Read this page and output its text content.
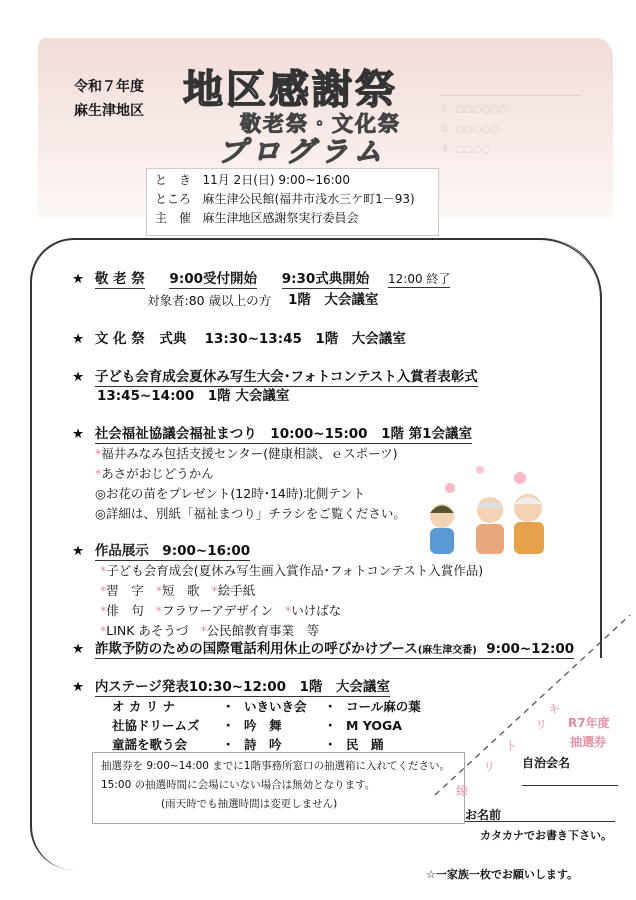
①  ○○○○○○
②  ○○○○○
③  ○○○○
令和７年度
麻生津地区 地区感謝祭
敬老祭・文化祭
プログラム
と　き 11月 2日(日) 9:00~16:00
ところ 麻生津公民館(福井市浅水三ケ町1－93)
主　催 麻生津地区感謝祭実行委員会
★ 敬 老 祭 9:00受付開始 9:30式典開始 12:00 終了
対象者:80 歳以上の方 1階　大会議室
★ 文 化 祭 式典　 13:30~13:45　1階　大会議室
★ 子ども会育成会夏休み写生大会･フォトコンテスト入賞者表彰式
13:45~14:00　1階 大会議室
★ 社会福祉協議会福祉まつり　10:00~15:00　1階 第1会議室
*福井みなみ包括支援センター(健康相談、ｅスポーツ)
*あさがおじどうかん
◎お花の苗をプレゼント(12時･14時)北側テント
◎詳細は、別紙「福祉まつり」チラシをご覧ください。
★ 作品展示　9:00~16:00
*子ども会育成会(夏休み写生画入賞作品･フォトコンテスト入賞作品)
*習　字 *短　歌 *絵手紙
*俳　句 *フラワーアデザイン *いけばな
*LINK あそうづ *公民館教育事業　等
★ 詐欺予防のための国際電話利用休止の呼びかけブース(麻生津交番) 9:00~12:00
★ 内ステージ発表10:30~12:00　1階　大会議室
オ カ リ ナ	・ いきいき会	・ コール麻の葉
社協ドリームズ	・ 吟　舞	・ M YOGA
童謡を歌う会	・ 詩　吟	・ 民　踊
抽選券を 9:00~14:00 までに1階事務所窓口の抽選箱に入れてください。
15:00 の抽選時間に会場にいない場合は無効となります。
(雨天時でも抽選時間は変更しません)
キ
リ
ト
リ
線
R7年度
抽選券
自治会名
お名前
カタカナでお書き下さい。
☆一家族一枚でお願いします。
